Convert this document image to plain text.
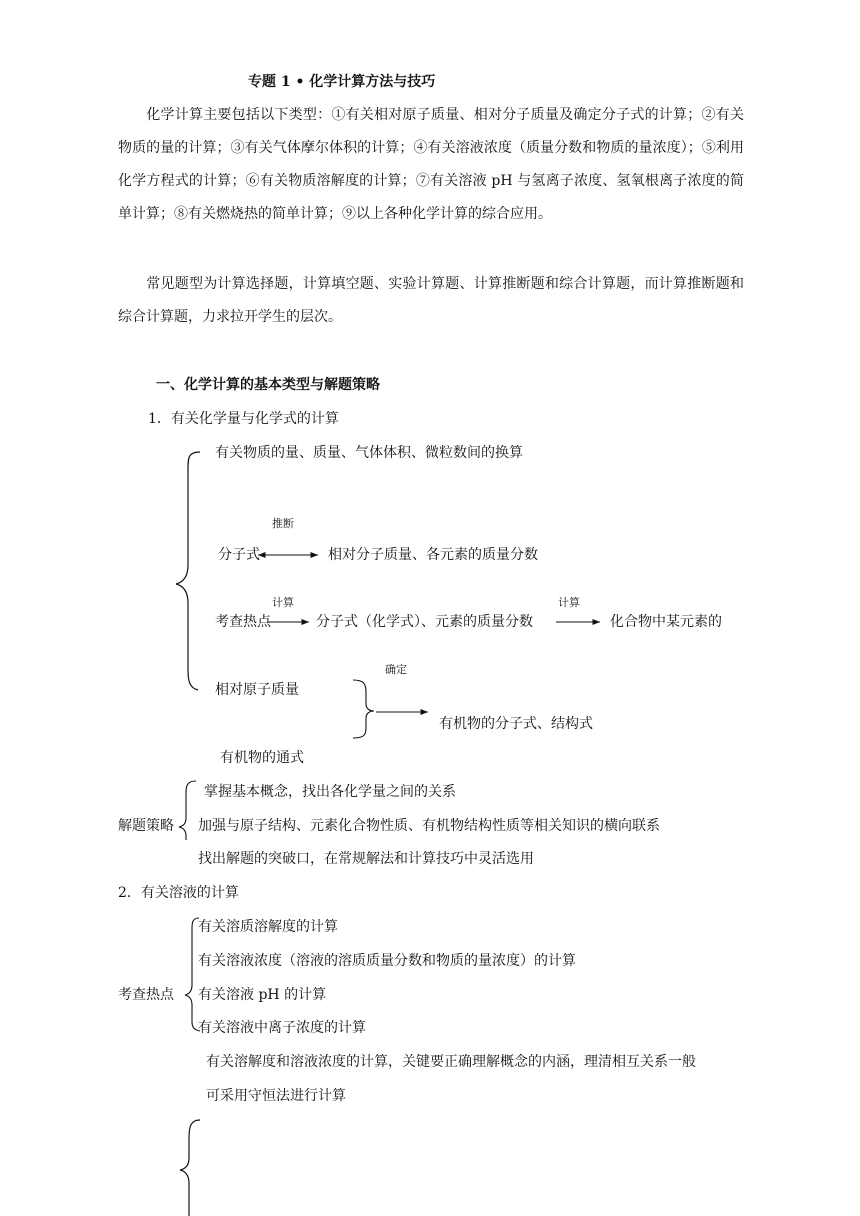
专题 1 • 化学计算方法与技巧
化学计算主要包括以下类型：①有关相对原子质量、相对分子质量及确定分子式的计算；②有关物质的量的计算；③有关气体摩尔体积的计算；④有关溶液浓度（质量分数和物质的量浓度）；⑤利用化学方程式的计算；⑥有关物质溶解度的计算；⑦有关溶液 pH 与氢离子浓度、氢氧根离子浓度的简单计算；⑧有关燃烧热的简单计算；⑨以上各种化学计算的综合应用。
常见题型为计算选择题，计算填空题、实验计算题、计算推断题和综合计算题，而计算推断题和综合计算题，力求拉开学生的层次。
一、化学计算的基本类型与解题策略
1．有关化学量与化学式的计算
有关物质的量、质量、气体体积、微粒数间的换算
推断
分子式	相对分子质量、各元素的质量分数
计算	计算
考查热点	分子式（化学式）、元素的质量分数	化合物中某元素的
确定
相对原子质量
有机物的分子式、结构式
有机物的通式
掌握基本概念，找出各化学量之间的关系
解题策略 加强与原子结构、元素化合物性质、有机物结构性质等相关知识的横向联系
找出解题的突破口，在常规解法和计算技巧中灵活选用
2．有关溶液的计算
有关溶质溶解度的计算
有关溶液浓度（溶液的溶质质量分数和物质的量浓度）的计算
考查热点 有关溶液 pH 的计算
有关溶液中离子浓度的计算
有关溶解度和溶液浓度的计算，关键要正确理解概念的内涵，理清相互关系一般
可采用守恒法进行计算
